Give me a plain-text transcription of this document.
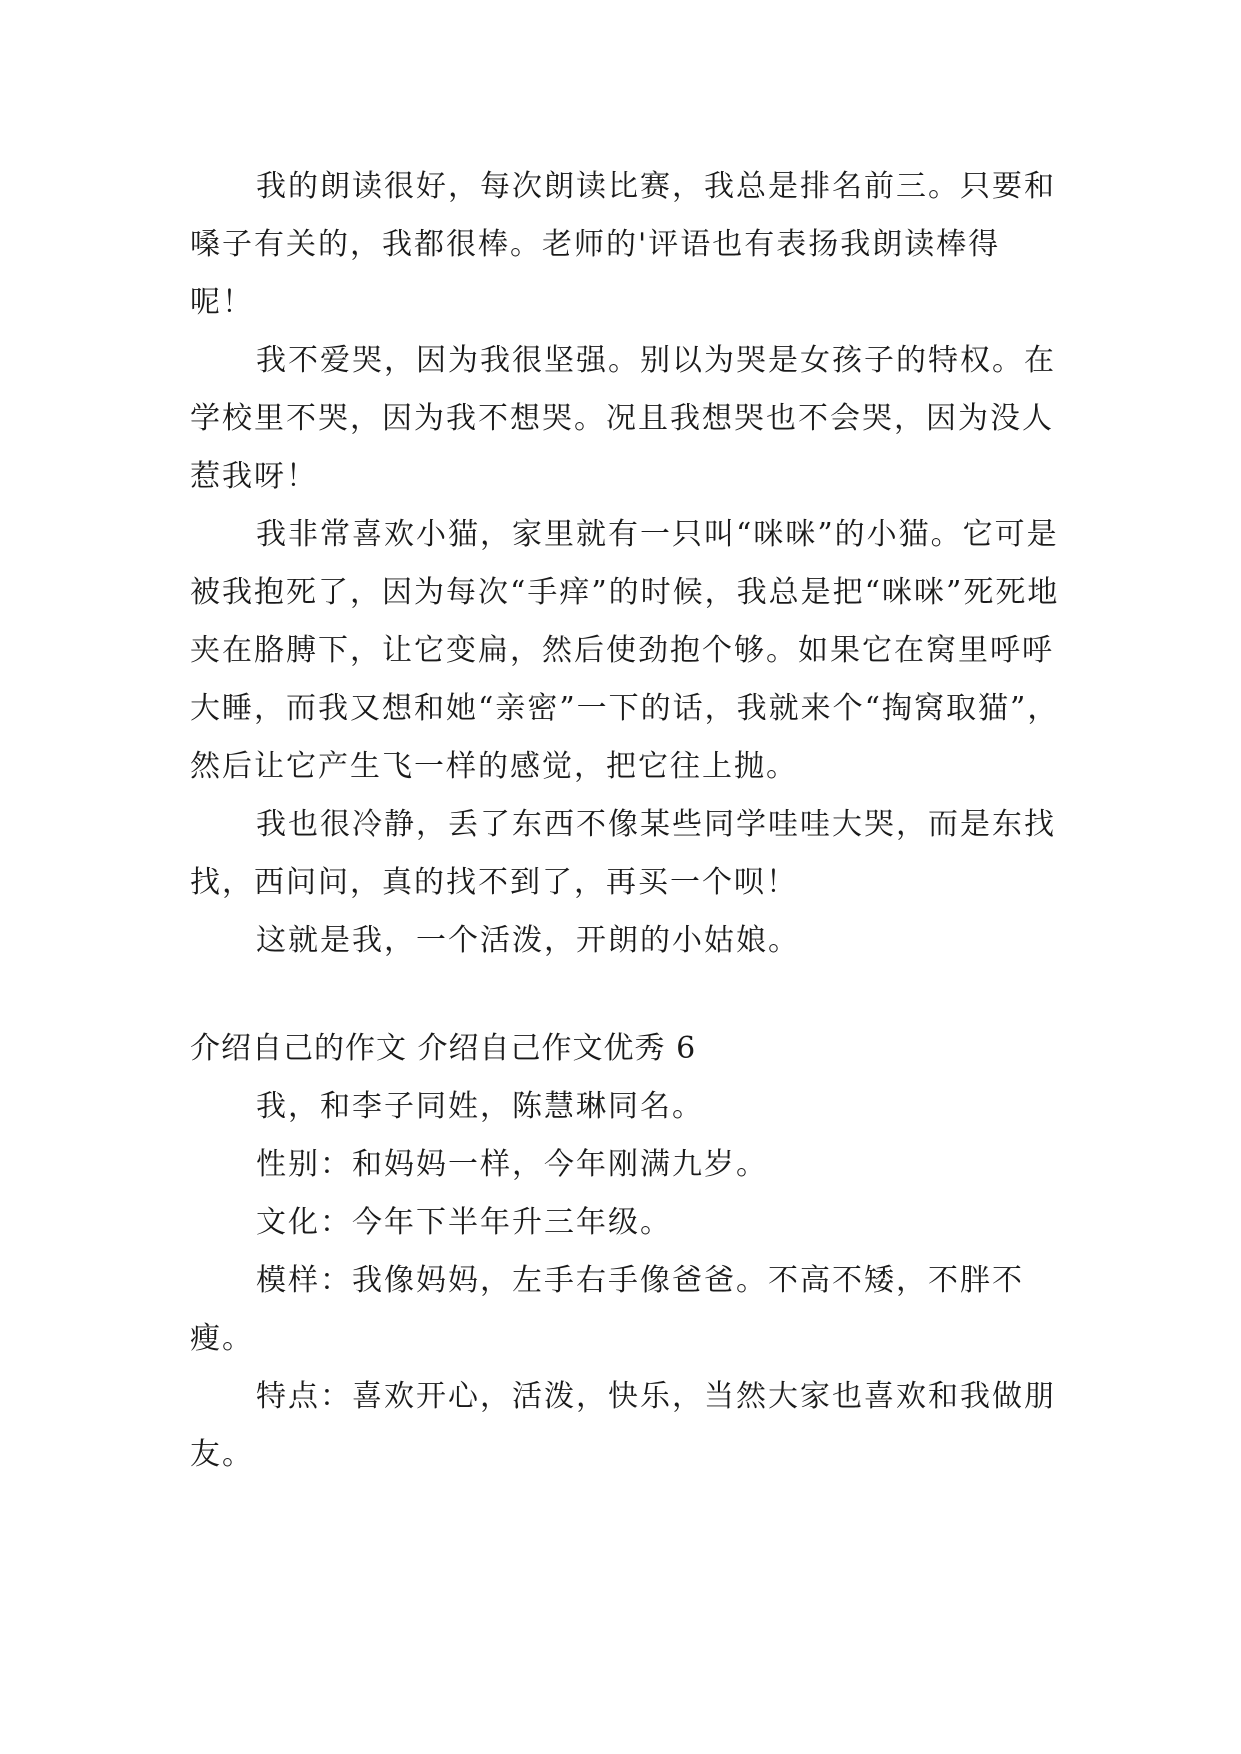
我的朗读很好，每次朗读比赛，我总是排名前三。只要和嗓子有关的，我都很棒。老师的'评语也有表扬我朗读棒得呢！

我不爱哭，因为我很坚强。别以为哭是女孩子的特权。在学校里不哭，因为我不想哭。况且我想哭也不会哭，因为没人惹我呀！

我非常喜欢小猫，家里就有一只叫“咪咪”的小猫。它可是被我抱死了，因为每次“手痒”的时候，我总是把“咪咪”死死地夹在胳膊下，让它变扁，然后使劲抱个够。如果它在窝里呼呼大睡，而我又想和她“亲密”一下的话，我就来个“掏窝取猫”，然后让它产生飞一样的感觉，把它往上抛。

我也很冷静，丢了东西不像某些同学哇哇大哭，而是东找找，西问问，真的找不到了，再买一个呗！

这就是我，一个活泼，开朗的小姑娘。

介绍自己的作文 介绍自己作文优秀 6

我，和李子同姓，陈慧琳同名。

性别：和妈妈一样，今年刚满九岁。

文化：今年下半年升三年级。

模样：我像妈妈，左手右手像爸爸。不高不矮，不胖不瘦。

特点：喜欢开心，活泼，快乐，当然大家也喜欢和我做朋友。
